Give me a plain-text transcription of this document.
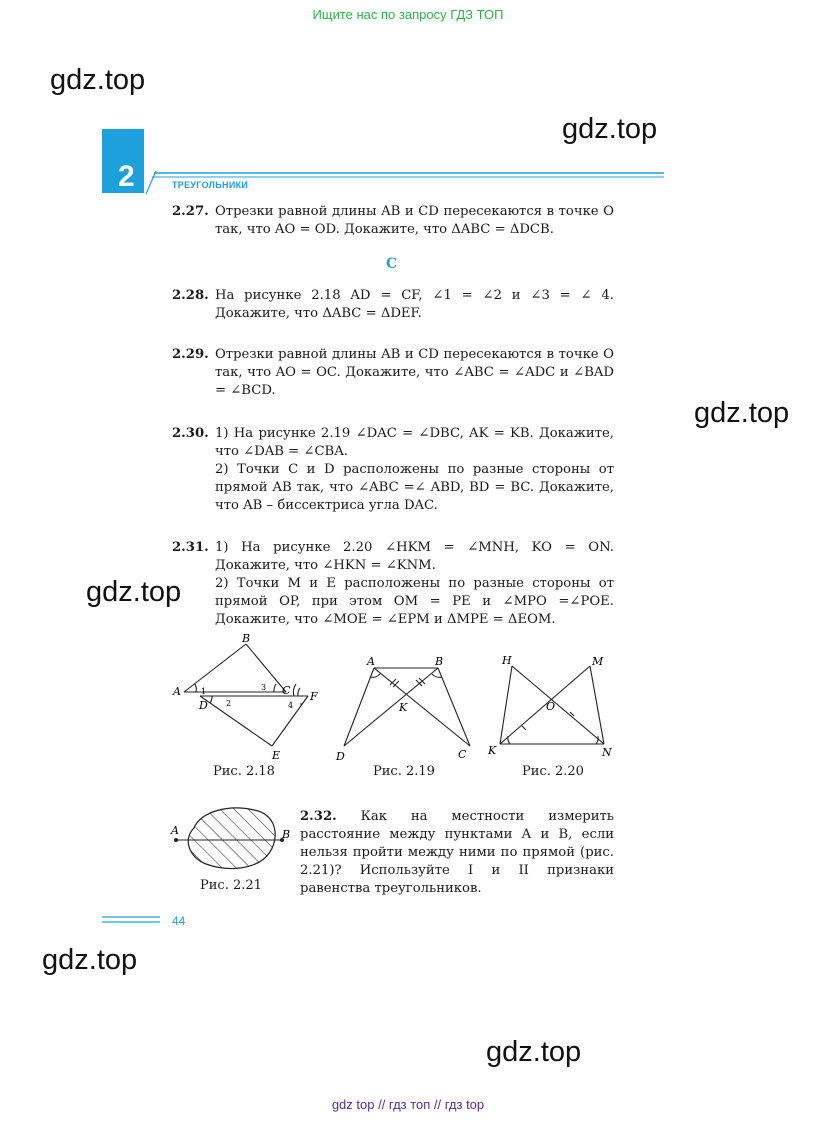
Ищите нас по запросу ГДЗ ТОП
gdz.top
gdz.top
gdz.top
gdz.top
gdz.top
gdz.top
2	ТРЕУГОЛЬНИКИ
2.27. Отрезки равной длины AB и CD пересекаются в точке O так, что AO = OD. Докажите, что ΔABC = ΔDCB.

C
2.28. На рисунке 2.18 AD = CF, ∠1 = ∠2 и ∠3 = ∠ 4. Докажите, что ΔABC = ΔDEF.

2.29. Отрезки равной длины AB и CD пересекаются в точке O так, что AO = OC. Докажите, что ∠ABC = ∠ADC и ∠BAD = ∠BCD.

2.30. 1) На рисунке 2.19 ∠DAC = ∠DBC, AK = KB. Докажите, что ∠DAB = ∠CBA.

2) Точки C и D расположены по разные стороны от прямой AB так, что ∠ABC =∠ ABD, BD = BC. Докажите, что AB – биссектриса угла DAC.

2.31. 1) На рисунке 2.20 ∠HKM = ∠MNH, KO = ON. Докажите, что ∠HKN = ∠KNM.

2) Точки M и E расположены по разные стороны от прямой OP, при этом OM = PE и ∠MPO =∠POE. Докажите, что ∠MOE = ∠EPM и ΔMPE = ΔEOM.

B
A
D
C F
E
1
2
3
4
Рис. 2.18
A	B
K
D	C
Рис. 2.19
H	M
O
K	N
Рис. 2.20
A	B
Рис. 2.21
2.32. Как на местности измерить расстояние между пунктами A и B, если нельзя пройти между ними по прямой (рис. 2.21)? Используйте I и II признаки равенства треугольников.
44
gdz top // гдз топ // гдз top
